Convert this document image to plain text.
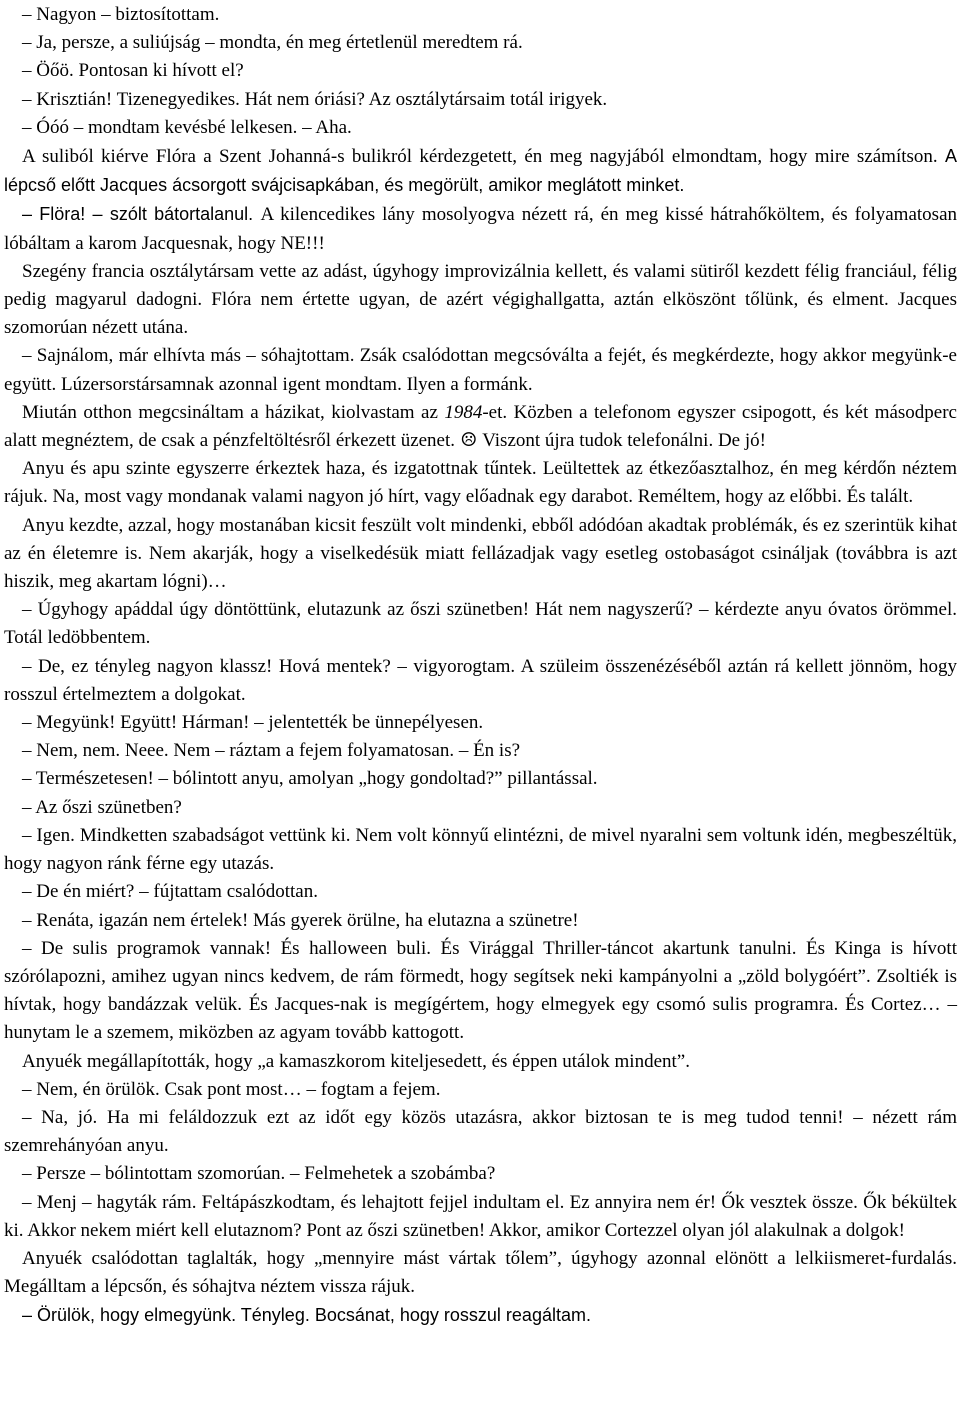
– Nagyon – biztosítottam.

– Ja, persze, a suliújság – mondta, én meg értetlenül meredtem rá.

– Öőö. Pontosan ki hívott el?

– Krisztián! Tizenegyedikes. Hát nem óriási? Az osztálytársaim totál irigyek.

– Óóó – mondtam kevésbé lelkesen. – Aha.

A suliból kiérve Flóra a Szent Johanná-s bulikról kérdezgetett, én meg nagyjából elmondtam, hogy mire számítson. A lépcső előtt Jacques ácsorgott svájcisapkában, és megörült, amikor meglátott minket.

– Flöra! – szólt bátortalanul. A kilencedikes lány mosolyogva nézett rá, én meg kissé hátrahőköltem, és folyamatosan lóbáltam a karom Jacquesnak, hogy NE!!!

Szegény francia osztálytársam vette az adást, úgyhogy improvizálnia kellett, és valami sütiről kezdett félig franciául, félig pedig magyarul dadogni. Flóra nem értette ugyan, de azért végighallgatta, aztán elköszönt tőlünk, és elment. Jacques szomorúan nézett utána.

– Sajnálom, már elhívta más – sóhajtottam. Zsák csalódottan megcsóválta a fejét, és megkérdezte, hogy akkor megyünk-e együtt. Lúzersorstársamnak azonnal igent mondtam. Ilyen a formánk.

Miután otthon megcsináltam a házikat, kiolvastam az 1984-et. Közben a telefonom egyszer csipogott, és két másodperc alatt megnéztem, de csak a pénzfeltöltésről érkezett üzenet. ☹ Viszont újra tudok telefonálni. De jó!

Anyu és apu szinte egyszerre érkeztek haza, és izgatottnak tűntek. Leültettek az étkezőasztalhoz, én meg kérdőn néztem rájuk. Na, most vagy mondanak valami nagyon jó hírt, vagy előadnak egy darabot. Reméltem, hogy az előbbi. És talált.

Anyu kezdte, azzal, hogy mostanában kicsit feszült volt mindenki, ebből adódóan akadtak problémák, és ez szerintük kihat az én életemre is. Nem akarják, hogy a viselkedésük miatt fellázadjak vagy esetleg ostobaságot csináljak (továbbra is azt hiszik, meg akartam lógni)…

– Úgyhogy apáddal úgy döntöttünk, elutazunk az őszi szünetben! Hát nem nagyszerű? – kérdezte anyu óvatos örömmel. Totál ledöbbentem.

– De, ez tényleg nagyon klassz! Hová mentek? – vigyorogtam. A szüleim összenézéséből aztán rá kellett jönnöm, hogy rosszul értelmeztem a dolgokat.

– Megyünk! Együtt! Hárman! – jelentették be ünnepélyesen.

– Nem, nem. Neee. Nem – ráztam a fejem folyamatosan. – Én is?

– Természetesen! – bólintott anyu, amolyan „hogy gondoltad?” pillantással.

– Az őszi szünetben?

– Igen. Mindketten szabadságot vettünk ki. Nem volt könnyű elintézni, de mivel nyaralni sem voltunk idén, megbeszéltük, hogy nagyon ránk férne egy utazás.

– De én miért? – fújtattam csalódottan.

– Renáta, igazán nem értelek! Más gyerek örülne, ha elutazna a szünetre!

– De sulis programok vannak! És halloween buli. És Virággal Thriller-táncot akartunk tanulni. És Kinga is hívott szórólapozni, amihez ugyan nincs kedvem, de rám förmedt, hogy segítsek neki kampányolni a „zöld bolygóért”. Zsoltiék is hívtak, hogy bandázzak velük. És Jacques-nak is megígértem, hogy elmegyek egy csomó sulis programra. És Cortez… – hunytam le a szemem, miközben az agyam tovább kattogott.

Anyuék megállapították, hogy „a kamaszkorom kiteljesedett, és éppen utálok mindent”.

– Nem, én örülök. Csak pont most… – fogtam a fejem.

– Na, jó. Ha mi feláldozzuk ezt az időt egy közös utazásra, akkor biztosan te is meg tudod tenni! – nézett rám szemrehányóan anyu.

– Persze – bólintottam szomorúan. – Felmehetek a szobámba?

– Menj – hagyták rám. Feltápászkodtam, és lehajtott fejjel indultam el. Ez annyira nem ér! Ők vesztek össze. Ők békültek ki. Akkor nekem miért kell elutaznom? Pont az őszi szünetben! Akkor, amikor Cortezzel olyan jól alakulnak a dolgok!

Anyuék csalódottan taglalták, hogy „mennyire mást vártak tőlem”, úgyhogy azonnal elönött a lelkiismeret-furdalás. Megálltam a lépcsőn, és sóhajtva néztem vissza rájuk.

– Örülök, hogy elmegyünk. Tényleg. Bocsánat, hogy rosszul reagáltam.
